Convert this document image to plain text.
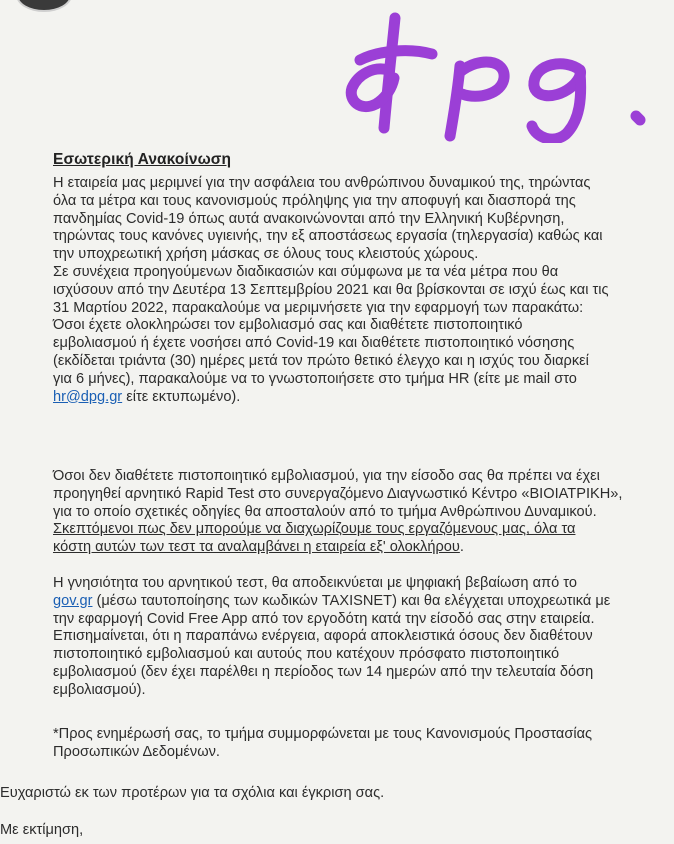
Εσωτερική Ανακοίνωση

Η εταιρεία μας μεριμνεί για την ασφάλεια του ανθρώπινου δυναμικού της, τηρώντας

όλα τα μέτρα και τους κανονισμούς πρόληψης για την αποφυγή και διασπορά της

πανδημίας Covid-19 όπως αυτά ανακοινώνονται από την Ελληνική Κυβέρνηση,

τηρώντας τους κανόνες υγιεινής, την εξ αποστάσεως εργασία (τηλεργασία) καθώς και

την υποχρεωτική χρήση μάσκας σε όλους τους κλειστούς χώρους.

Σε συνέχεια προηγούμενων διαδικασιών και σύμφωνα με τα νέα μέτρα που θα

ισχύσουν από την Δευτέρα 13 Σεπτεμβρίου 2021 και θα βρίσκονται σε ισχύ έως και τις

31 Μαρτίου 2022, παρακαλούμε να μεριμνήσετε για την εφαρμογή των παρακάτω:

Όσοι έχετε ολοκληρώσει τον εμβολιασμό σας και διαθέτετε πιστοποιητικό

εμβολιασμού ή έχετε νοσήσει από Covid-19 και διαθέτετε πιστοποιητικό νόσησης

(εκδίδεται τριάντα (30) ημέρες μετά τον πρώτο θετικό έλεγχο και η ισχύς του διαρκεί

για 6 μήνες), παρακαλούμε να το γνωστοποιήσετε στο τμήμα HR (είτε με mail στο

hr@dpg.gr είτε εκτυπωμένο).

Όσοι δεν διαθέτετε πιστοποιητικό εμβολιασμού, για την είσοδο σας θα πρέπει να έχει

προηγηθεί αρνητικό Rapid Test στο συνεργαζόμενο Διαγνωστικό Κέντρο «ΒΙΟΙΑΤΡΙΚΗ»,

για το οποίο σχετικές οδηγίες θα αποσταλούν από το τμήμα Ανθρώπινου Δυναμικού.

Σκεπτόμενοι πως δεν μπορούμε να διαχωρίζουμε τους εργαζόμενους μας, όλα τα

κόστη αυτών των τεστ τα αναλαμβάνει η εταιρεία εξ' ολοκλήρου.

Η γνησιότητα του αρνητικού τεστ, θα αποδεικνύεται με ψηφιακή βεβαίωση από το

gov.gr (μέσω ταυτοποίησης των κωδικών TAXISNET) και θα ελέγχεται υποχρεωτικά με

την εφαρμογή Covid Free App από τον εργοδότη κατά την είσοδό σας στην εταιρεία.

Επισημαίνεται, ότι η παραπάνω ενέργεια, αφορά αποκλειστικά όσους δεν διαθέτουν

πιστοποιητικό εμβολιασμού και αυτούς που κατέχουν πρόσφατο πιστοποιητικό

εμβολιασμού (δεν έχει παρέλθει η περίοδος των 14 ημερών από την τελευταία δόση

εμβολιασμού).

*Προς ενημέρωσή σας, το τμήμα συμμορφώνεται με τους Κανονισμούς Προστασίας

Προσωπικών Δεδομένων.

Ευχαριστώ εκ των προτέρων για τα σχόλια και έγκριση σας.
Με εκτίμηση,
